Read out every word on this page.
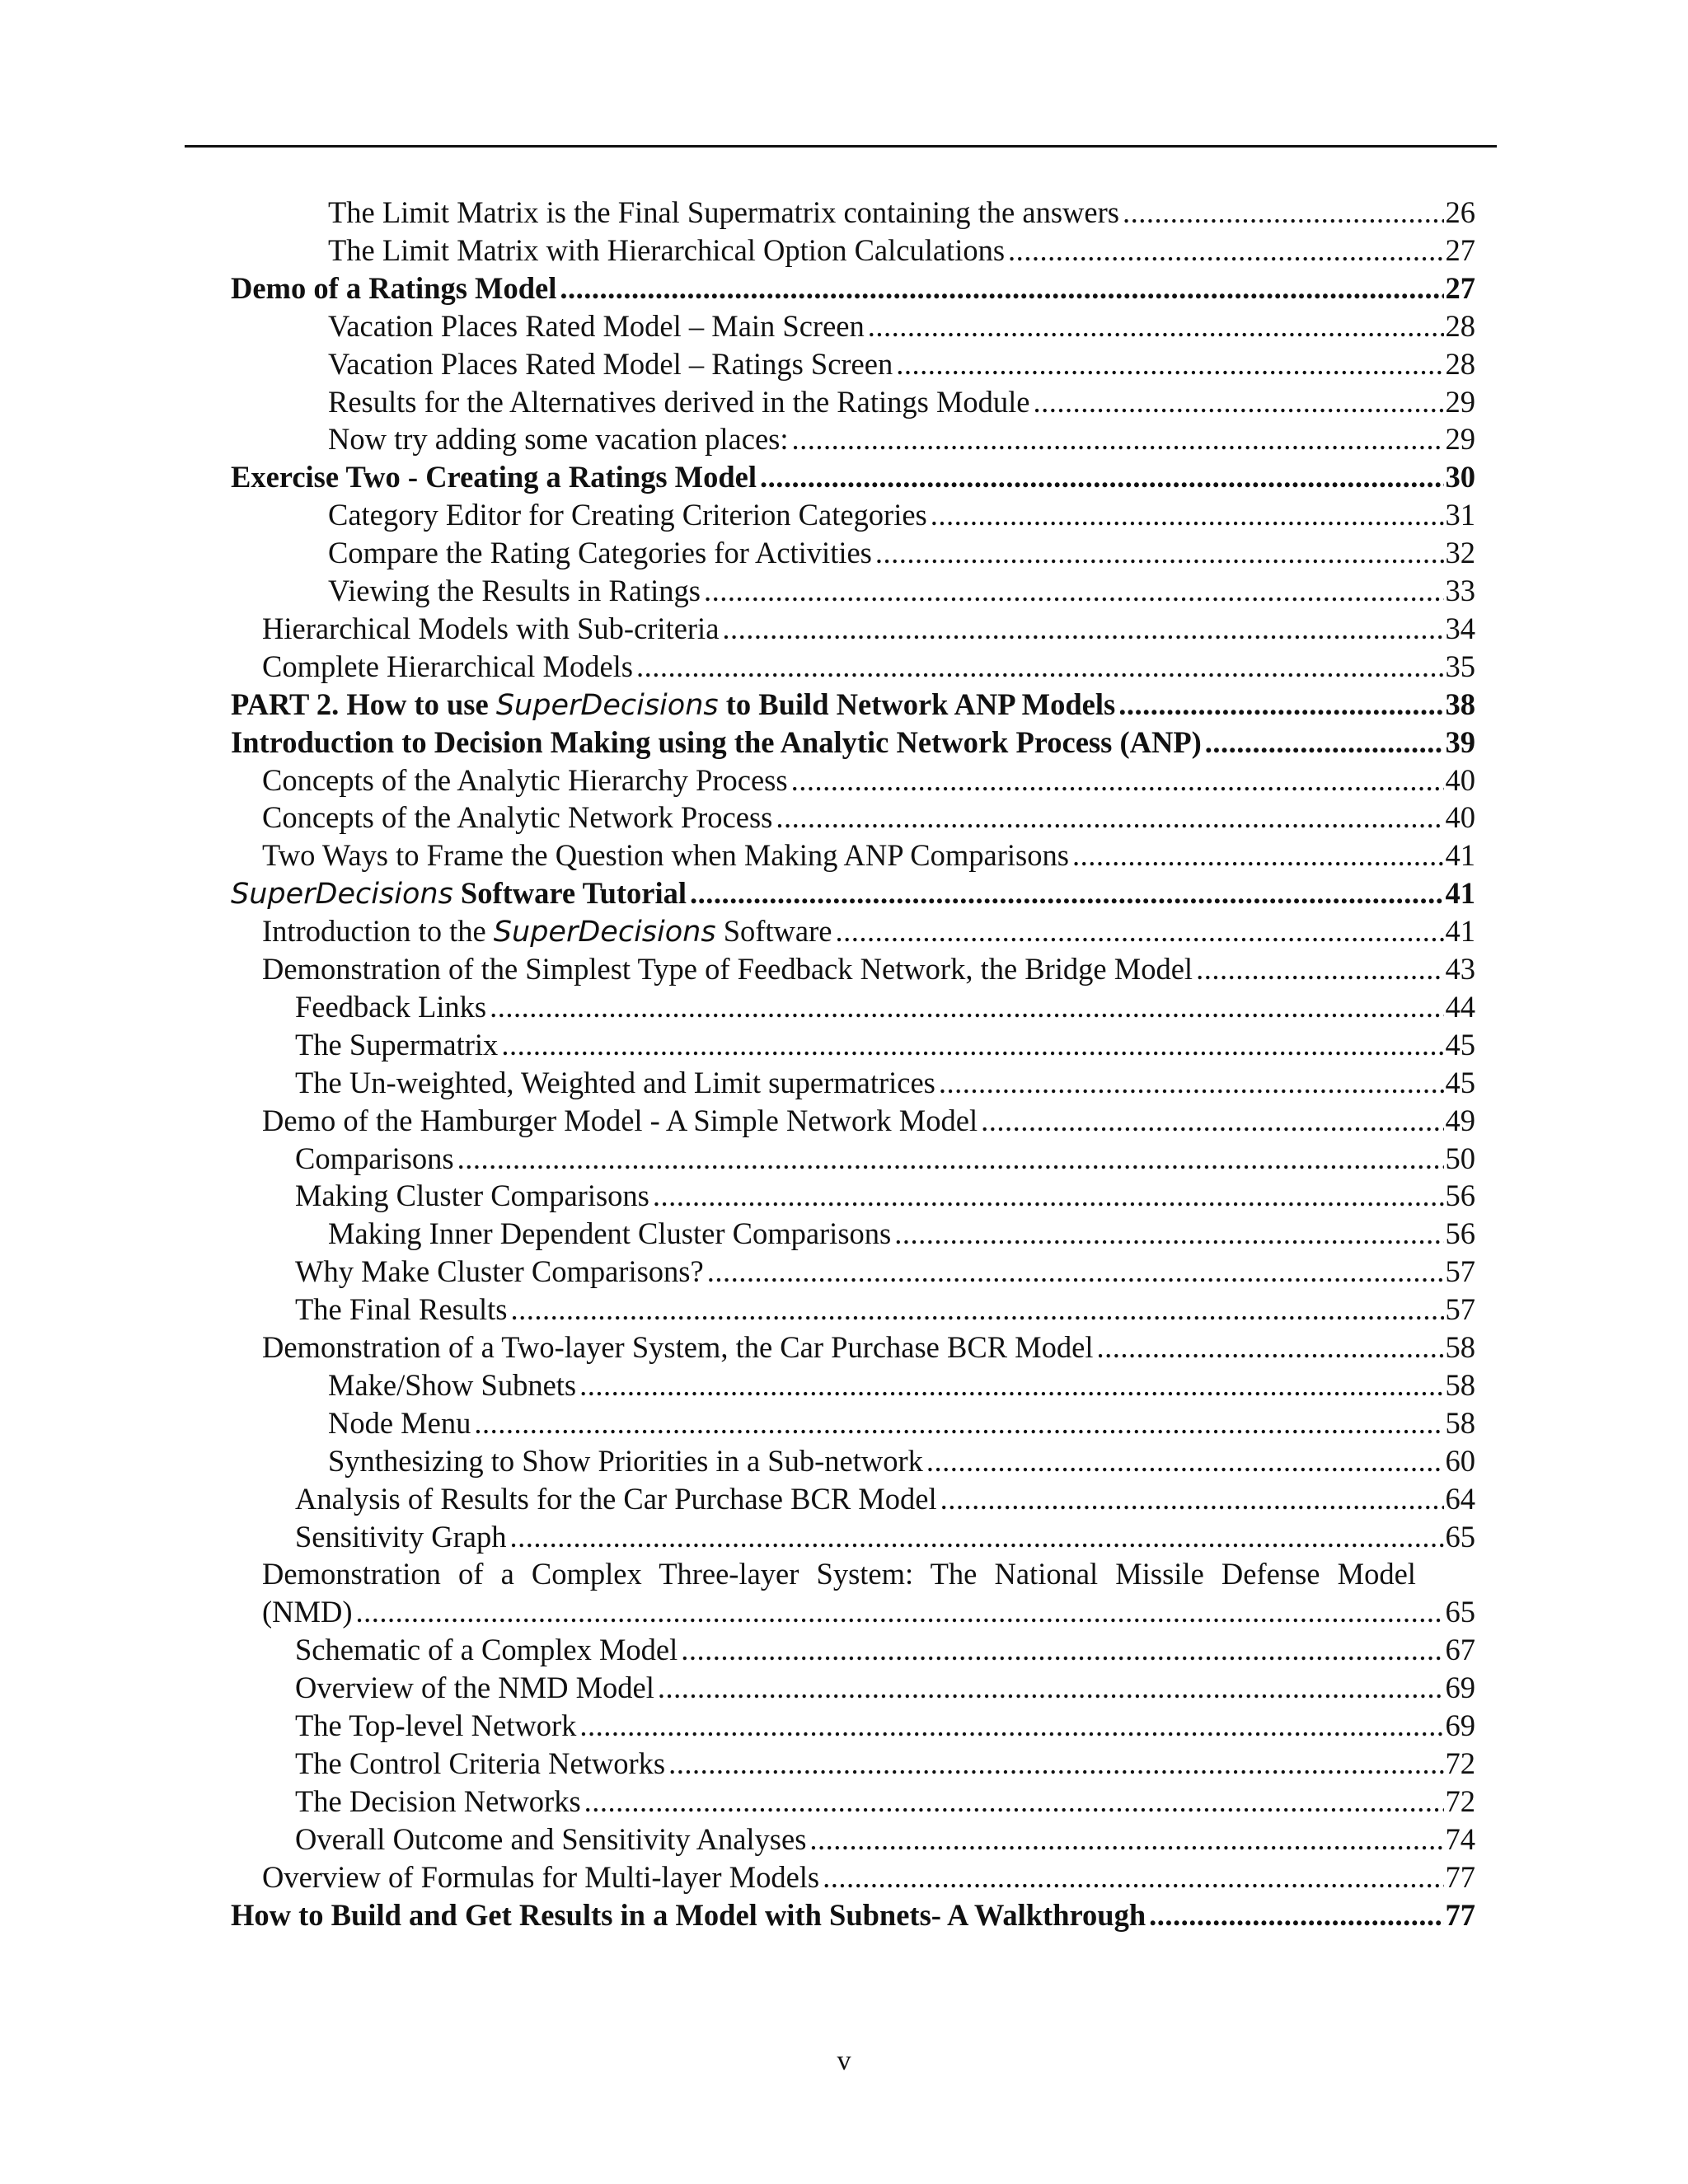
The Limit Matrix is the Final Supermatrix containing the answers .....	26
The Limit Matrix with Hierarchical Option Calculations .....	27
Demo of a Ratings Model .....	27
Vacation Places Rated Model – Main Screen .....	28
Vacation Places Rated Model – Ratings Screen .....	28
Results for the Alternatives derived in the Ratings Module .....	29
Now try adding some vacation places: .....	29
Exercise Two - Creating a Ratings Model .....	30
Category Editor for Creating Criterion Categories .....	31
Compare the Rating Categories for Activities .....	32
Viewing the Results in Ratings .....	33
Hierarchical Models with Sub-criteria .....	34
Complete Hierarchical Models .....	35
PART 2. How to use SuperDecisions to Build Network ANP Models .....	38
Introduction to Decision Making using the Analytic Network Process (ANP) .....	39
Concepts of the Analytic Hierarchy Process .....	40
Concepts of the Analytic Network Process .....	40
Two Ways to Frame the Question when Making ANP Comparisons .....	41
SuperDecisions Software Tutorial .....	41
Introduction to the SuperDecisions Software .....	41
Demonstration of the Simplest Type of Feedback Network, the Bridge Model .....	43
Feedback Links .....	44
The Supermatrix .....	45
The Un-weighted, Weighted and Limit supermatrices .....	45
Demo of the Hamburger Model - A Simple Network Model .....	49
Comparisons .....	50
Making Cluster Comparisons .....	56
Making Inner Dependent Cluster Comparisons .....	56
Why Make Cluster Comparisons? .....	57
The Final Results .....	57
Demonstration of a Two-layer System, the Car Purchase BCR Model .....	58
Make/Show Subnets .....	58
Node Menu .....	58
Synthesizing to Show Priorities in a Sub-network .....	60
Analysis of Results for the Car Purchase BCR Model .....	64
Sensitivity Graph .....	65
Demonstration of a Complex Three-layer System: The National Missile Defense Model
(NMD) .....	65
Schematic of a Complex Model .....	67
Overview of the NMD Model .....	69
The Top-level Network .....	69
The Control Criteria Networks .....	72
The Decision Networks .....	72
Overall Outcome and Sensitivity Analyses .....	74
Overview of Formulas for Multi-layer Models .....	77
How to Build and Get Results in a Model with Subnets- A Walkthrough .....	77
v
